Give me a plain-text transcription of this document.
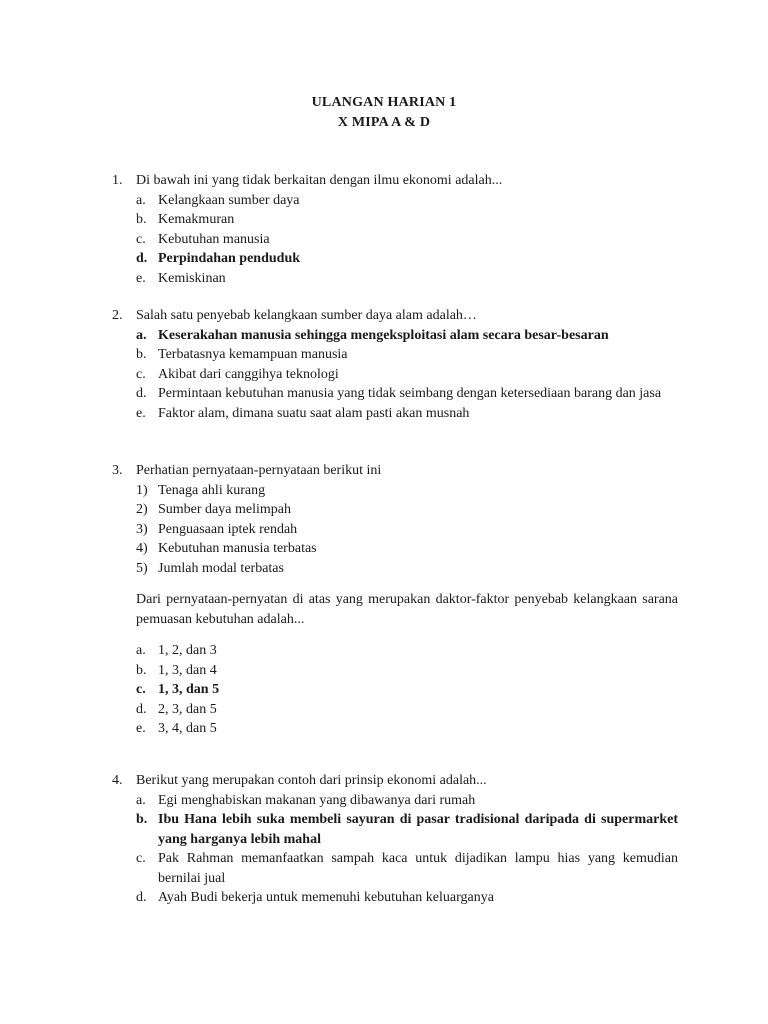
ULANGAN HARIAN 1
X MIPA A & D
1. Di bawah ini yang tidak berkaitan dengan ilmu ekonomi adalah...
a. Kelangkaan sumber daya
b. Kemakmuran
c. Kebutuhan manusia
d. Perpindahan penduduk
e. Kemiskinan
2. Salah satu penyebab kelangkaan sumber daya alam adalah…
a. Keserakahan manusia sehingga mengeksploitasi alam secara besar-besaran
b. Terbatasnya kemampuan manusia
c. Akibat dari canggihya teknologi
d. Permintaan kebutuhan manusia yang tidak seimbang dengan ketersediaan barang dan jasa
e. Faktor alam, dimana suatu saat alam pasti akan musnah
3. Perhatian pernyataan-pernyataan berikut ini
1) Tenaga ahli kurang
2) Sumber daya melimpah
3) Penguasaan iptek rendah
4) Kebutuhan manusia terbatas
5) Jumlah modal terbatas
Dari pernyataan-pernyatan di atas yang merupakan daktor-faktor penyebab kelangkaan sarana pemuasan kebutuhan adalah...
a. 1, 2, dan 3
b. 1, 3, dan 4
c. 1, 3, dan 5
d. 2, 3, dan 5
e. 3, 4, dan 5
4. Berikut yang merupakan contoh dari prinsip ekonomi adalah...
a. Egi menghabiskan makanan yang dibawanya dari rumah
b. Ibu Hana lebih suka membeli sayuran di pasar tradisional daripada di supermarket yang harganya lebih mahal
c. Pak Rahman memanfaatkan sampah kaca untuk dijadikan lampu hias yang kemudian bernilai jual
d. Ayah Budi bekerja untuk memenuhi kebutuhan keluarganya
